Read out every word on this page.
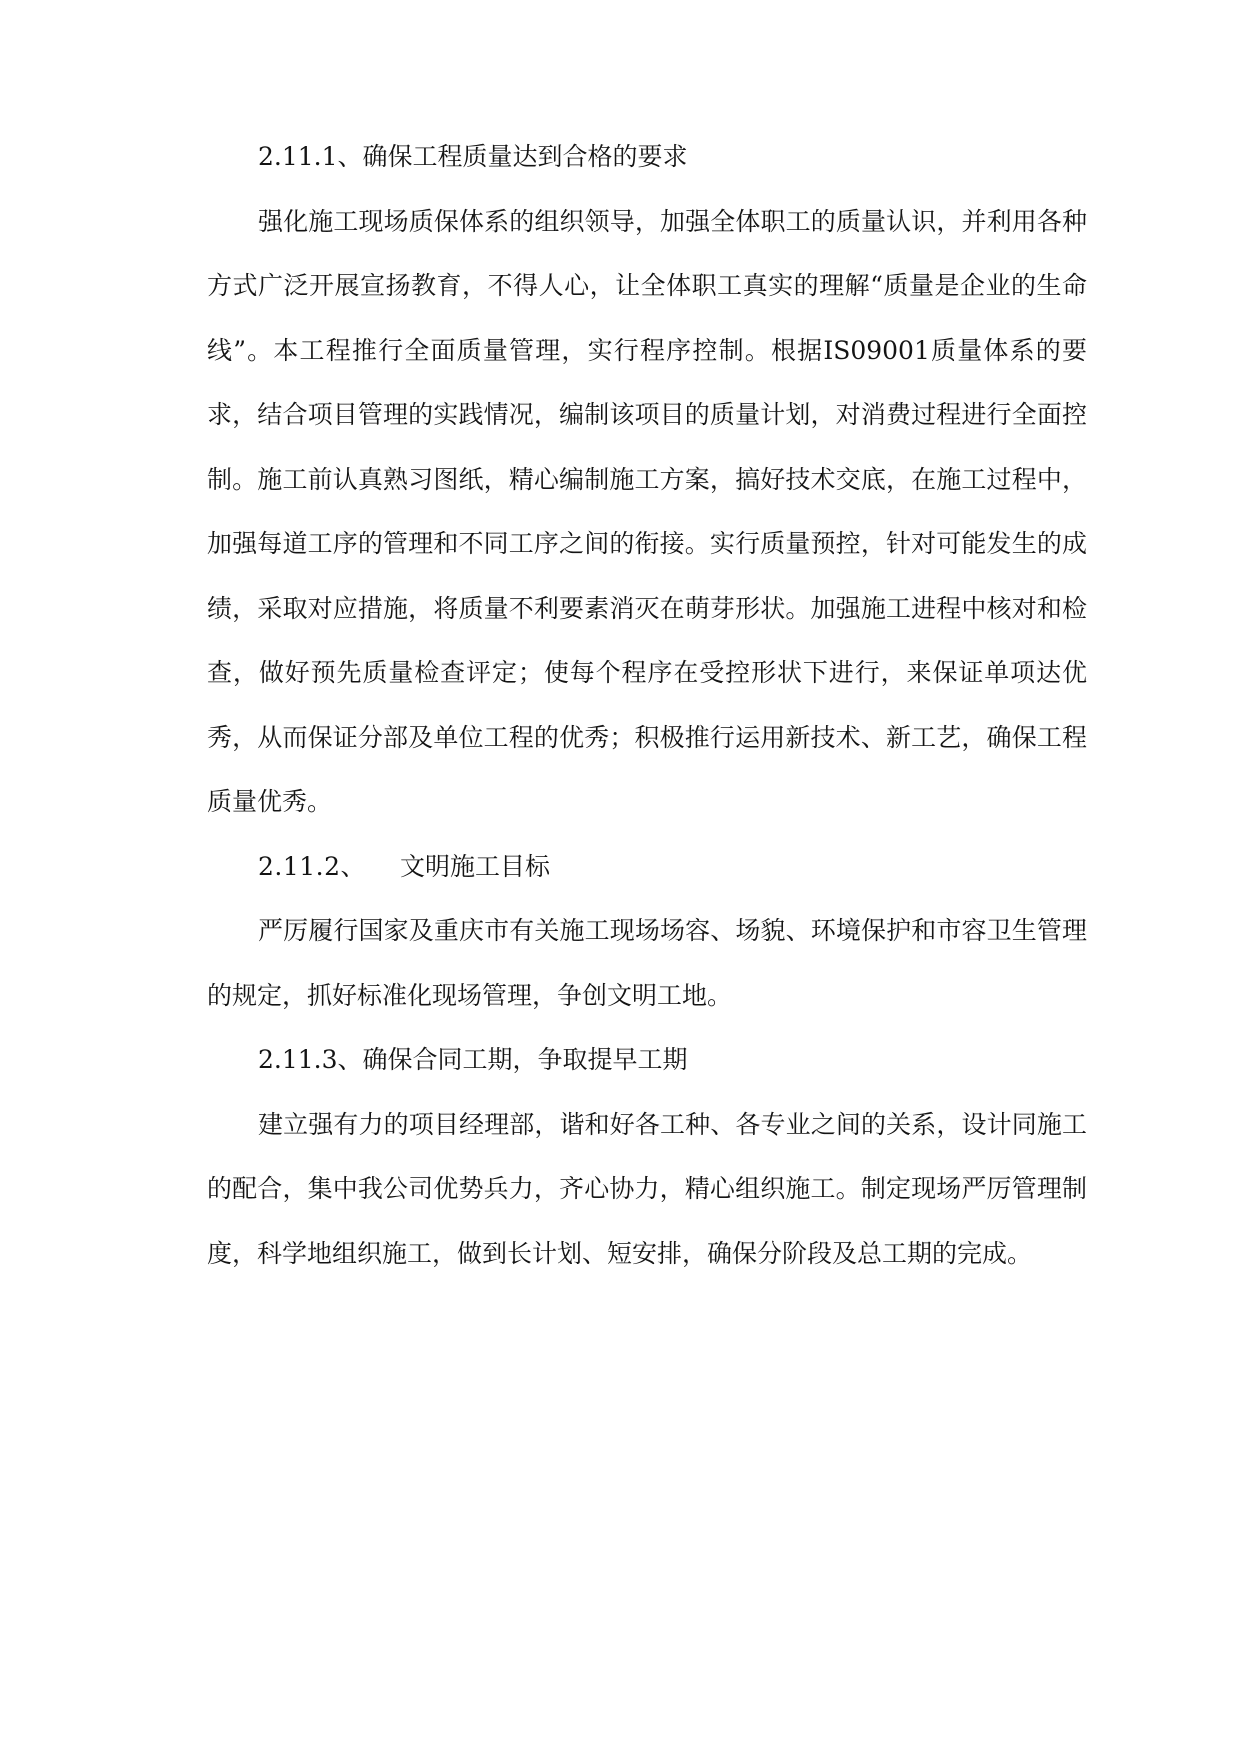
2.11.1、确保工程质量达到合格的要求

强化施工现场质保体系的组织领导，加强全体职工的质量认识，并利用各种方式广泛开展宣扬教育，不得人心，让全体职工真实的理解“质量是企业的生命线”。本工程推行全面质量管理，实行程序控制。根据IS09001质量体系的要求，结合项目管理的实践情况，编制该项目的质量计划，对消费过程进行全面控制。施工前认真熟习图纸，精心编制施工方案，搞好技术交底，在施工过程中，加强每道工序的管理和不同工序之间的衔接。实行质量预控，针对可能发生的成绩，采取对应措施，将质量不利要素消灭在萌芽形状。加强施工进程中核对和检查，做好预先质量检查评定；使每个程序在受控形状下进行，来保证单项达优秀，从而保证分部及单位工程的优秀；积极推行运用新技术、新工艺，确保工程质量优秀。

2.11.2、 文明施工目标

严厉履行国家及重庆市有关施工现场场容、场貌、环境保护和市容卫生管理的规定，抓好标准化现场管理，争创文明工地。

2.11.3、确保合同工期，争取提早工期

建立强有力的项目经理部，谐和好各工种、各专业之间的关系，设计同施工的配合，集中我公司优势兵力，齐心协力，精心组织施工。制定现场严厉管理制度，科学地组织施工，做到长计划、短安排，确保分阶段及总工期的完成。
